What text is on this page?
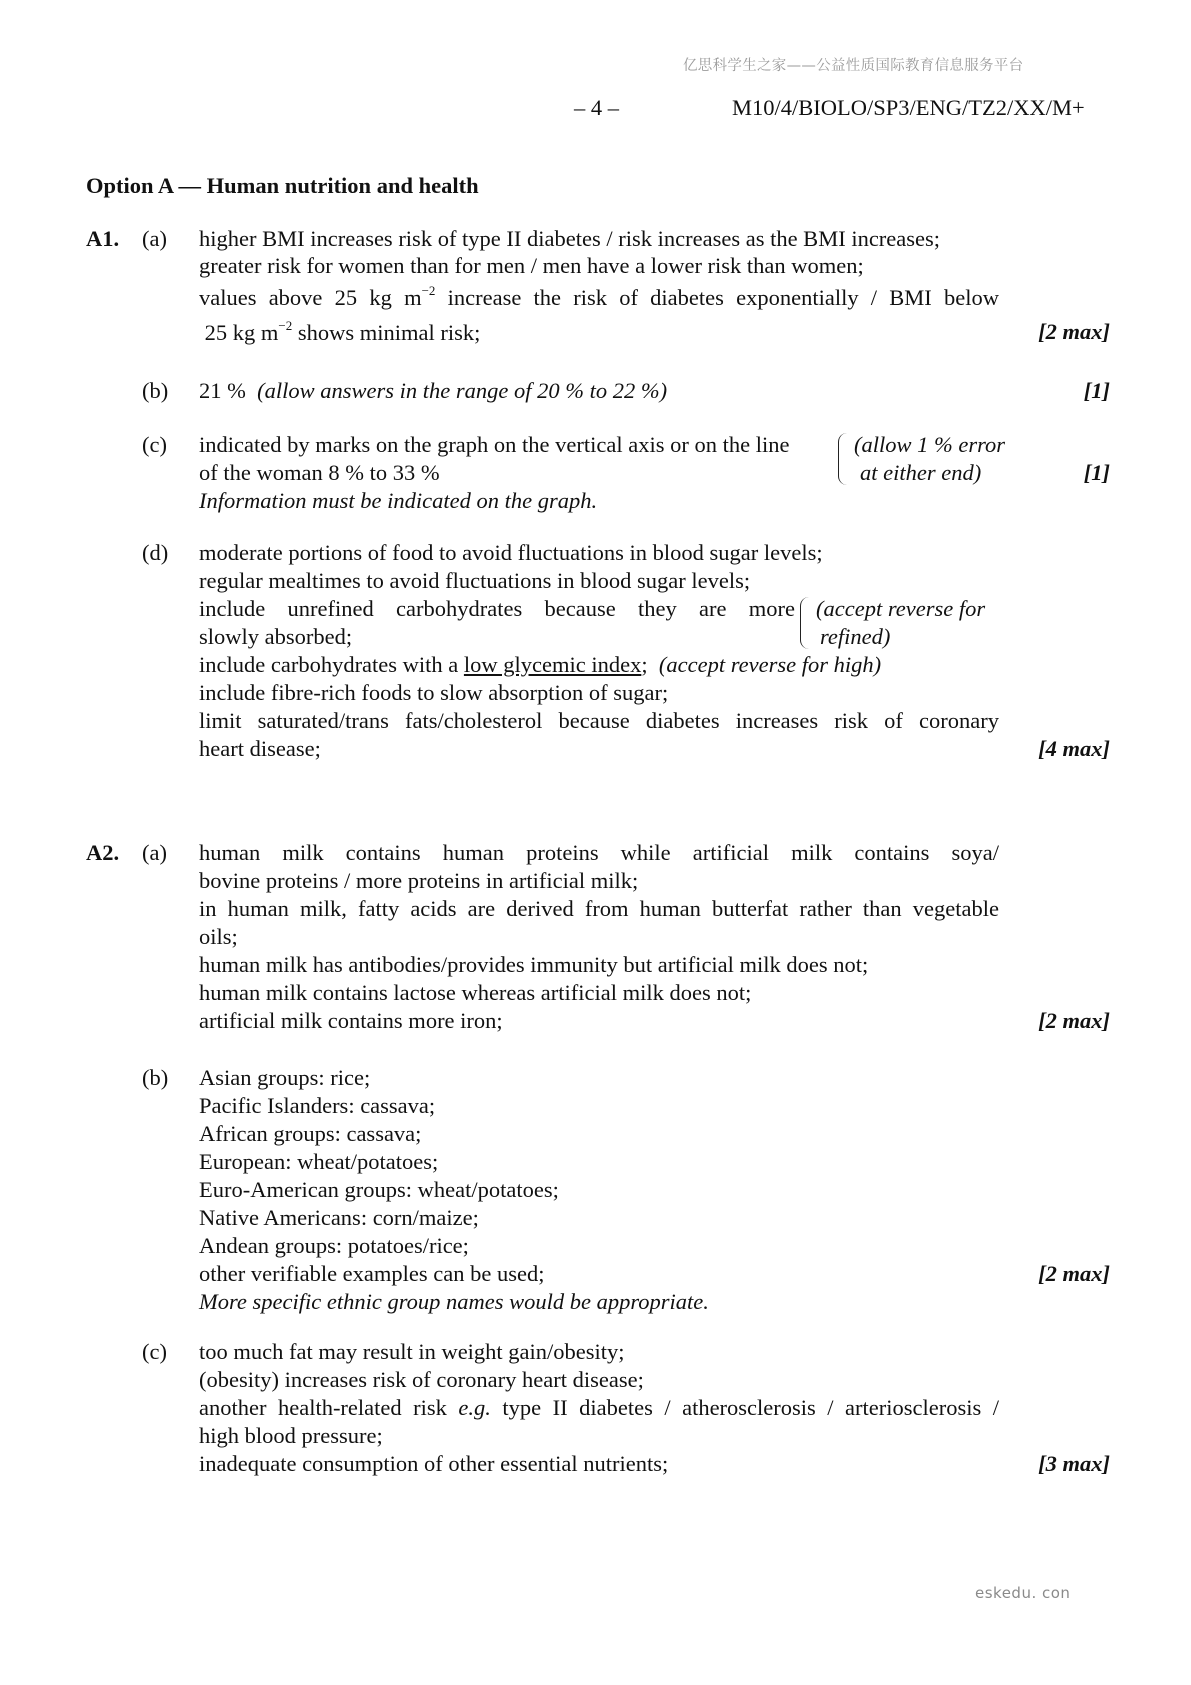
亿思科学生之家——公益性质国际教育信息服务平台
– 4 –	M10/4/BIOLO/SP3/ENG/TZ2/XX/M+
Option A — Human nutrition and health
A1. (a) higher BMI increases risk of type II diabetes / risk increases as the BMI increases;
greater risk for women than for men / men have a lower risk than women;
values above 25 kg $m^{-2}$ increase the risk of diabetes exponentially / BMI below
25 kg $m^{-2}$ shows minimal risk;	[2 max]
(b) 21 % (allow answers in the range of 20 % to 22 %)	[1]
(c) indicated by marks on the graph on the vertical axis or on the line
of the woman 8 % to 33 %
Information must be indicated on the graph.
(allow 1 % error
at either end)	[1]
(d) moderate portions of food to avoid fluctuations in blood sugar levels;
regular mealtimes to avoid fluctuations in blood sugar levels;
include unrefined carbohydrates because they are more
slowly absorbed;
include carbohydrates with a low glycemic index; (accept reverse for high)
include fibre-rich foods to slow absorption of sugar;
limit saturated/trans fats/cholesterol because diabetes increases risk of coronary
heart disease;
(accept reverse for
refined)
[4 max]
A2. (a) human milk contains human proteins while artificial milk contains soya/
bovine proteins / more proteins in artificial milk;
in human milk, fatty acids are derived from human butterfat rather than vegetable
oils;
human milk has antibodies/provides immunity but artificial milk does not;
human milk contains lactose whereas artificial milk does not;
artificial milk contains more iron;	[2 max]
(b) Asian groups: rice;
Pacific Islanders: cassava;
African groups: cassava;
European: wheat/potatoes;
Euro-American groups: wheat/potatoes;
Native Americans: corn/maize;
Andean groups: potatoes/rice;
other verifiable examples can be used;
More specific ethnic group names would be appropriate.
[2 max]
(c) too much fat may result in weight gain/obesity;
(obesity) increases risk of coronary heart disease;
another health-related risk e.g. type II diabetes / atherosclerosis / arteriosclerosis /
high blood pressure;
inadequate consumption of other essential nutrients;	[3 max]
eskedu. con
